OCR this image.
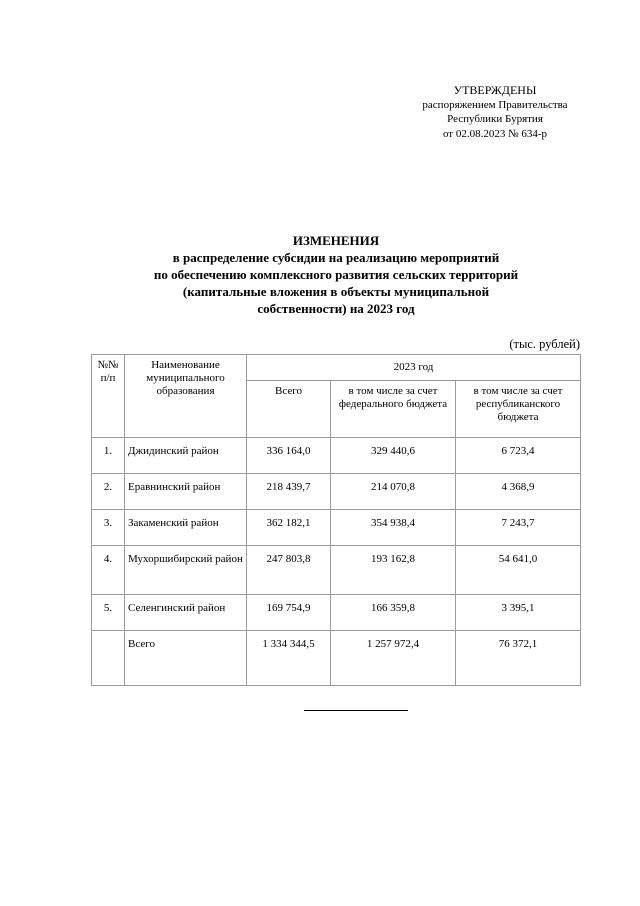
УТВЕРЖДЕНЫ
распоряжением Правительства
Республики Бурятия
от 02.08.2023 № 634-р
ИЗМЕНЕНИЯ
в распределение субсидии на реализацию мероприятий
по обеспечению комплексного развития сельских территорий
(капитальные вложения в объекты муниципальной
собственности) на 2023 год
(тыс. рублей)
№№ п/п	Наименование муниципального образования	2023 год		
		Всего	в том числе за счет федерального бюджета	в том числе за счет республиканского бюджета
1.	Джидинский район	336 164,0	329 440,6	6 723,4
2.	Еравнинский район	218 439,7	214 070,8	4 368,9
3.	Закаменский район	362 182,1	354 938,4	7 243,7
4.	Мухоршибирский район	247 803,8	193 162,8	54 641,0
5.	Селенгинский район	169 754,9	166 359,8	3 395,1
	Всего	1 334 344,5	1 257 972,4	76 372,1
